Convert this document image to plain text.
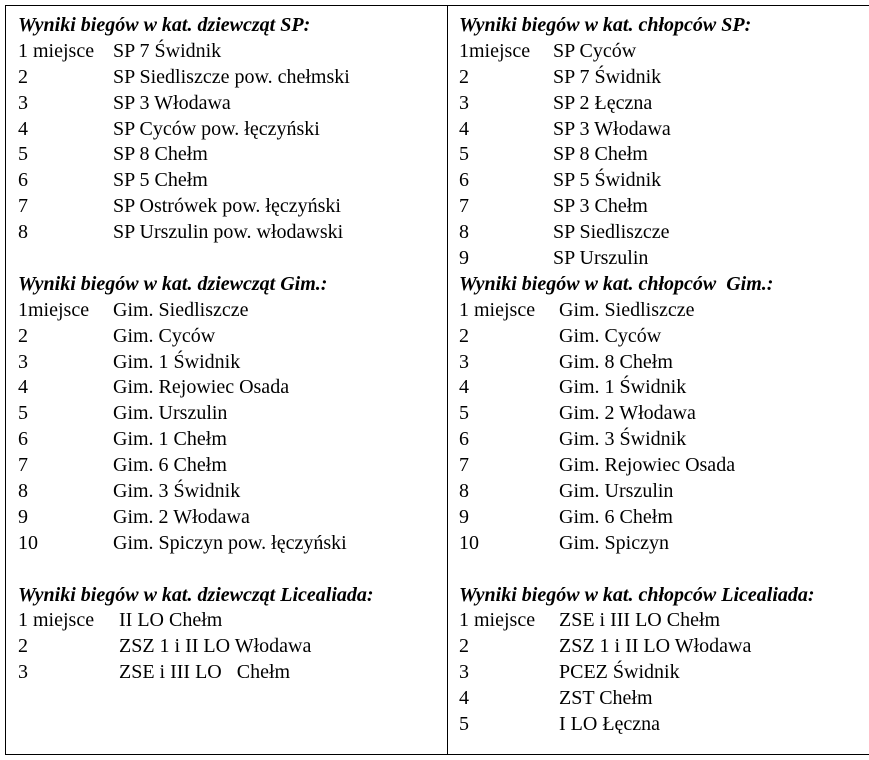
Wyniki biegów w kat. dziewcząt SP:
1 miejsce SP 7 Świdnik
2	SP Siedliszcze pow. chełmski
3	SP 3 Włodawa
4	SP Cyców pow. łęczyński
5	SP 8 Chełm
6	SP 5 Chełm
7	SP Ostrówek pow. łęczyński
8	SP Urszulin pow. włodawski
Wyniki biegów w kat. dziewcząt Gim.:
1miejsce Gim. Siedliszcze
2	Gim. Cyców
3	Gim. 1 Świdnik
4	Gim. Rejowiec Osada
5	Gim. Urszulin
6	Gim. 1 Chełm
7	Gim. 6 Chełm
8	Gim. 3 Świdnik
9	Gim. 2 Włodawa
10	Gim. Spiczyn pow. łęczyński
Wyniki biegów w kat. dziewcząt Licealiada:
1 miejsce II LO Chełm
2	ZSZ 1 i II LO Włodawa
3	ZSE i III LO   Chełm

Wyniki biegów w kat. chłopców SP:
1miejsce SP Cyców
2	SP 7 Świdnik
3	SP 2 Łęczna
4	SP 3 Włodawa
5	SP 8 Chełm
6	SP 5 Świdnik
7	SP 3 Chełm
8	SP Siedliszcze
9	SP Urszulin
Wyniki biegów w kat. chłopców  Gim.:
1 miejsce Gim. Siedliszcze
2	Gim. Cyców
3	Gim. 8 Chełm
4	Gim. 1 Świdnik
5	Gim. 2 Włodawa
6	Gim. 3 Świdnik
7	Gim. Rejowiec Osada
8	Gim. Urszulin
9	Gim. 6 Chełm
10	Gim. Spiczyn
Wyniki biegów w kat. chłopców Licealiada:
1 miejsce ZSE i III LO Chełm
2	ZSZ 1 i II LO Włodawa
3	PCEZ Świdnik
4	ZST Chełm
5	I LO Łęczna
